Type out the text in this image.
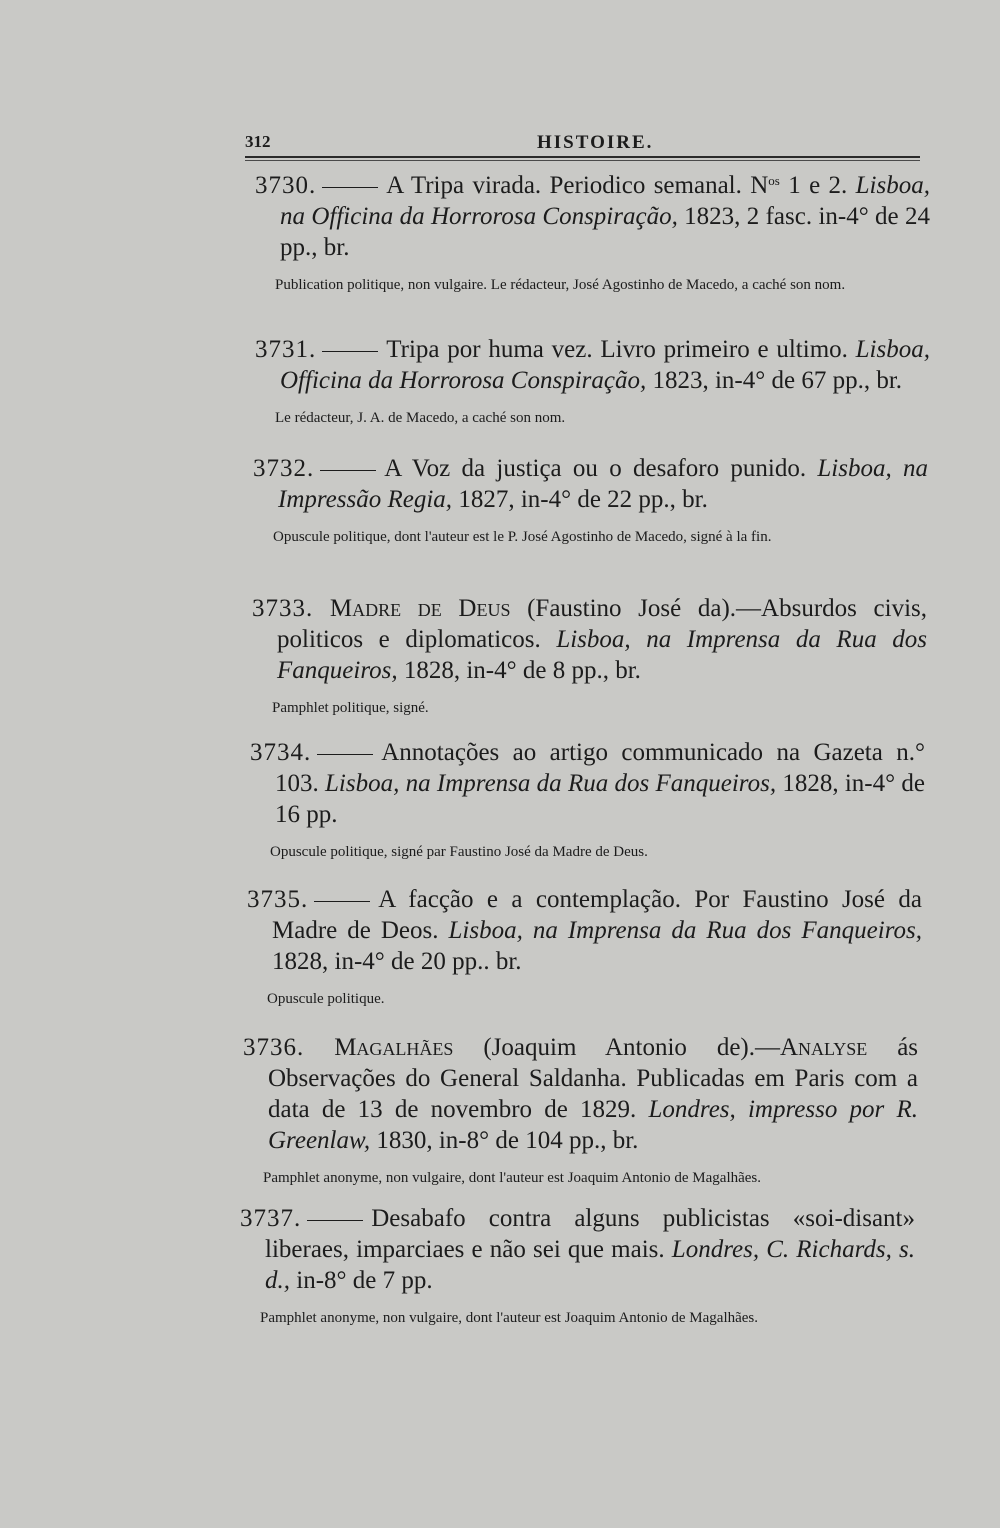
312	HISTOIRE.

3730.	A Tripa virada. Periodico semanal. $N^{os}$ 1 e 2. Lisboa, na Officina da Horrorosa Conspiração, 1823, 2 fasc. in-4° de 24 pp., br.

Publication politique, non vulgaire. Le rédacteur, José Agostinho de Macedo, a caché son nom.

3731.	Tripa por huma vez. Livro primeiro e ultimo. Lisboa, Officina da Horrorosa Conspiração, 1823, in-4° de 67 pp., br.

Le rédacteur, J. A. de Macedo, a caché son nom.

3732.	A Voz da justiça ou o desaforo punido. Lisboa, na Impressão Regia, 1827, in-4° de 22 pp., br.

Opuscule politique, dont l'auteur est le P. José Agostinho de Macedo, signé à la fin.

3733. Madre de Deus (Faustino José da).—Absurdos civis, politicos e diplomaticos. Lisboa, na Imprensa da Rua dos Fanqueiros, 1828, in-4° de 8 pp., br.

Pamphlet politique, signé.

3734.	Annotações ao artigo communicado na Gazeta n.° 103. Lisboa, na Imprensa da Rua dos Fanqueiros, 1828, in-4° de 16 pp.

Opuscule politique, signé par Faustino José da Madre de Deus.

3735.	A facção e a contemplação. Por Faustino José da Madre de Deos. Lisboa, na Imprensa da Rua dos Fanqueiros, 1828, in-4° de 20 pp.. br.

Opuscule politique.

3736. Magalhães (Joaquim Antonio de).—Analyse ás Observações do General Saldanha. Publicadas em Paris com a data de 13 de novembro de 1829. Londres, impresso por R. Greenlaw, 1830, in-8° de 104 pp., br.

Pamphlet anonyme, non vulgaire, dont l'auteur est Joaquim Antonio de Magalhães.

3737.	Desabafo contra alguns publicistas «soi-disant» liberaes, imparciaes e não sei que mais. Londres, C. Richards, s. d., in-8° de 7 pp.

Pamphlet anonyme, non vulgaire, dont l'auteur est Joaquim Antonio de Magalhães.
